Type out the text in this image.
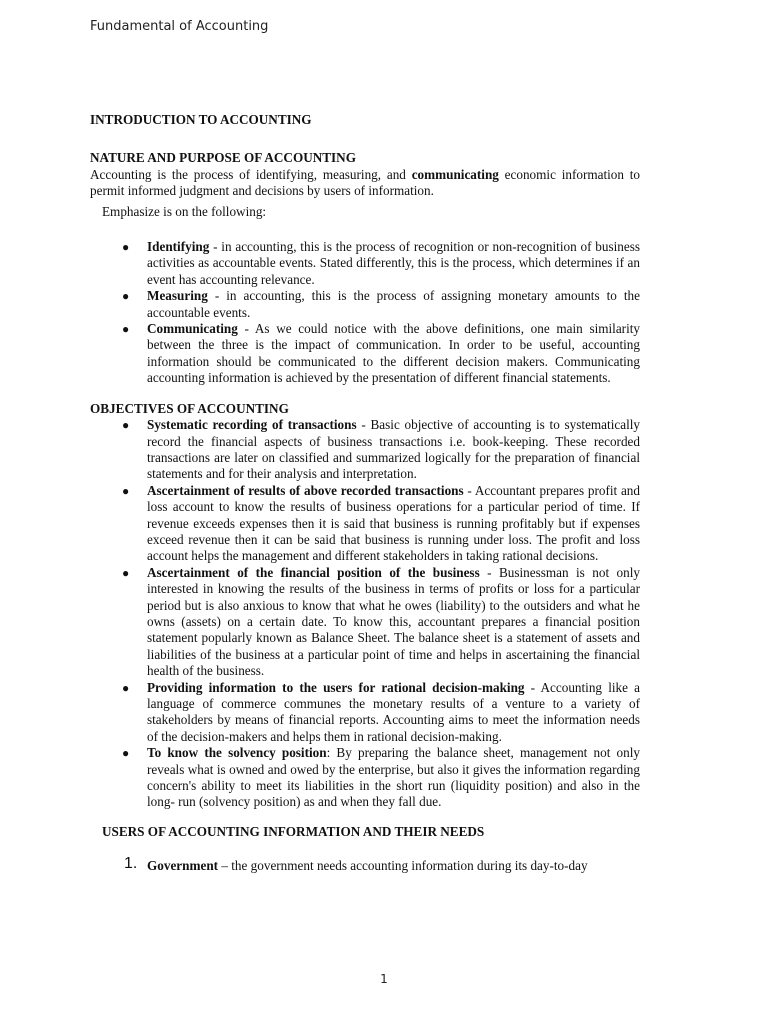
Fundamental of Accounting
INTRODUCTION TO ACCOUNTING
NATURE AND PURPOSE OF ACCOUNTING

Accounting is the process of identifying, measuring, and communicating economic information to permit informed judgment and decisions by users of information.

Emphasize is on the following:

● Identifying - in accounting, this is the process of recognition or non-recognition of business activities as accountable events. Stated differently, this is the process, which determines if an event has accounting relevance.
● Measuring - in accounting, this is the process of assigning monetary amounts to the accountable events.
● Communicating - As we could notice with the above definitions, one main similarity between the three is the impact of communication. In order to be useful, accounting information should be communicated to the different decision makers. Communicating accounting information is achieved by the presentation of different financial statements.
OBJECTIVES OF ACCOUNTING
● Systematic recording of transactions - Basic objective of accounting is to systematically record the financial aspects of business transactions i.e. book-keeping. These recorded transactions are later on classified and summarized logically for the preparation of financial statements and for their analysis and interpretation.
● Ascertainment of results of above recorded transactions - Accountant prepares profit and loss account to know the results of business operations for a particular period of time. If revenue exceeds expenses then it is said that business is running profitably but if expenses exceed revenue then it can be said that business is running under loss. The profit and loss account helps the management and different stakeholders in taking rational decisions.
● Ascertainment of the financial position of the business - Businessman is not only interested in knowing the results of the business in terms of profits or loss for a particular period but is also anxious to know that what he owes (liability) to the outsiders and what he owns (assets) on a certain date. To know this, accountant prepares a financial position statement popularly known as Balance Sheet. The balance sheet is a statement of assets and liabilities of the business at a particular point of time and helps in ascertaining the financial health of the business.
● Providing information to the users for rational decision-making - Accounting like a language of commerce communes the monetary results of a venture to a variety of stakeholders by means of financial reports. Accounting aims to meet the information needs of the decision-makers and helps them in rational decision-making.
● To know the solvency position: By preparing the balance sheet, management not only reveals what is owned and owed by the enterprise, but also it gives the information regarding concern's ability to meet its liabilities in the short run (liquidity position) and also in the long- run (solvency position) as and when they fall due.
USERS OF ACCOUNTING INFORMATION AND THEIR NEEDS
1. Government – the government needs accounting information during its day-to-day
1
